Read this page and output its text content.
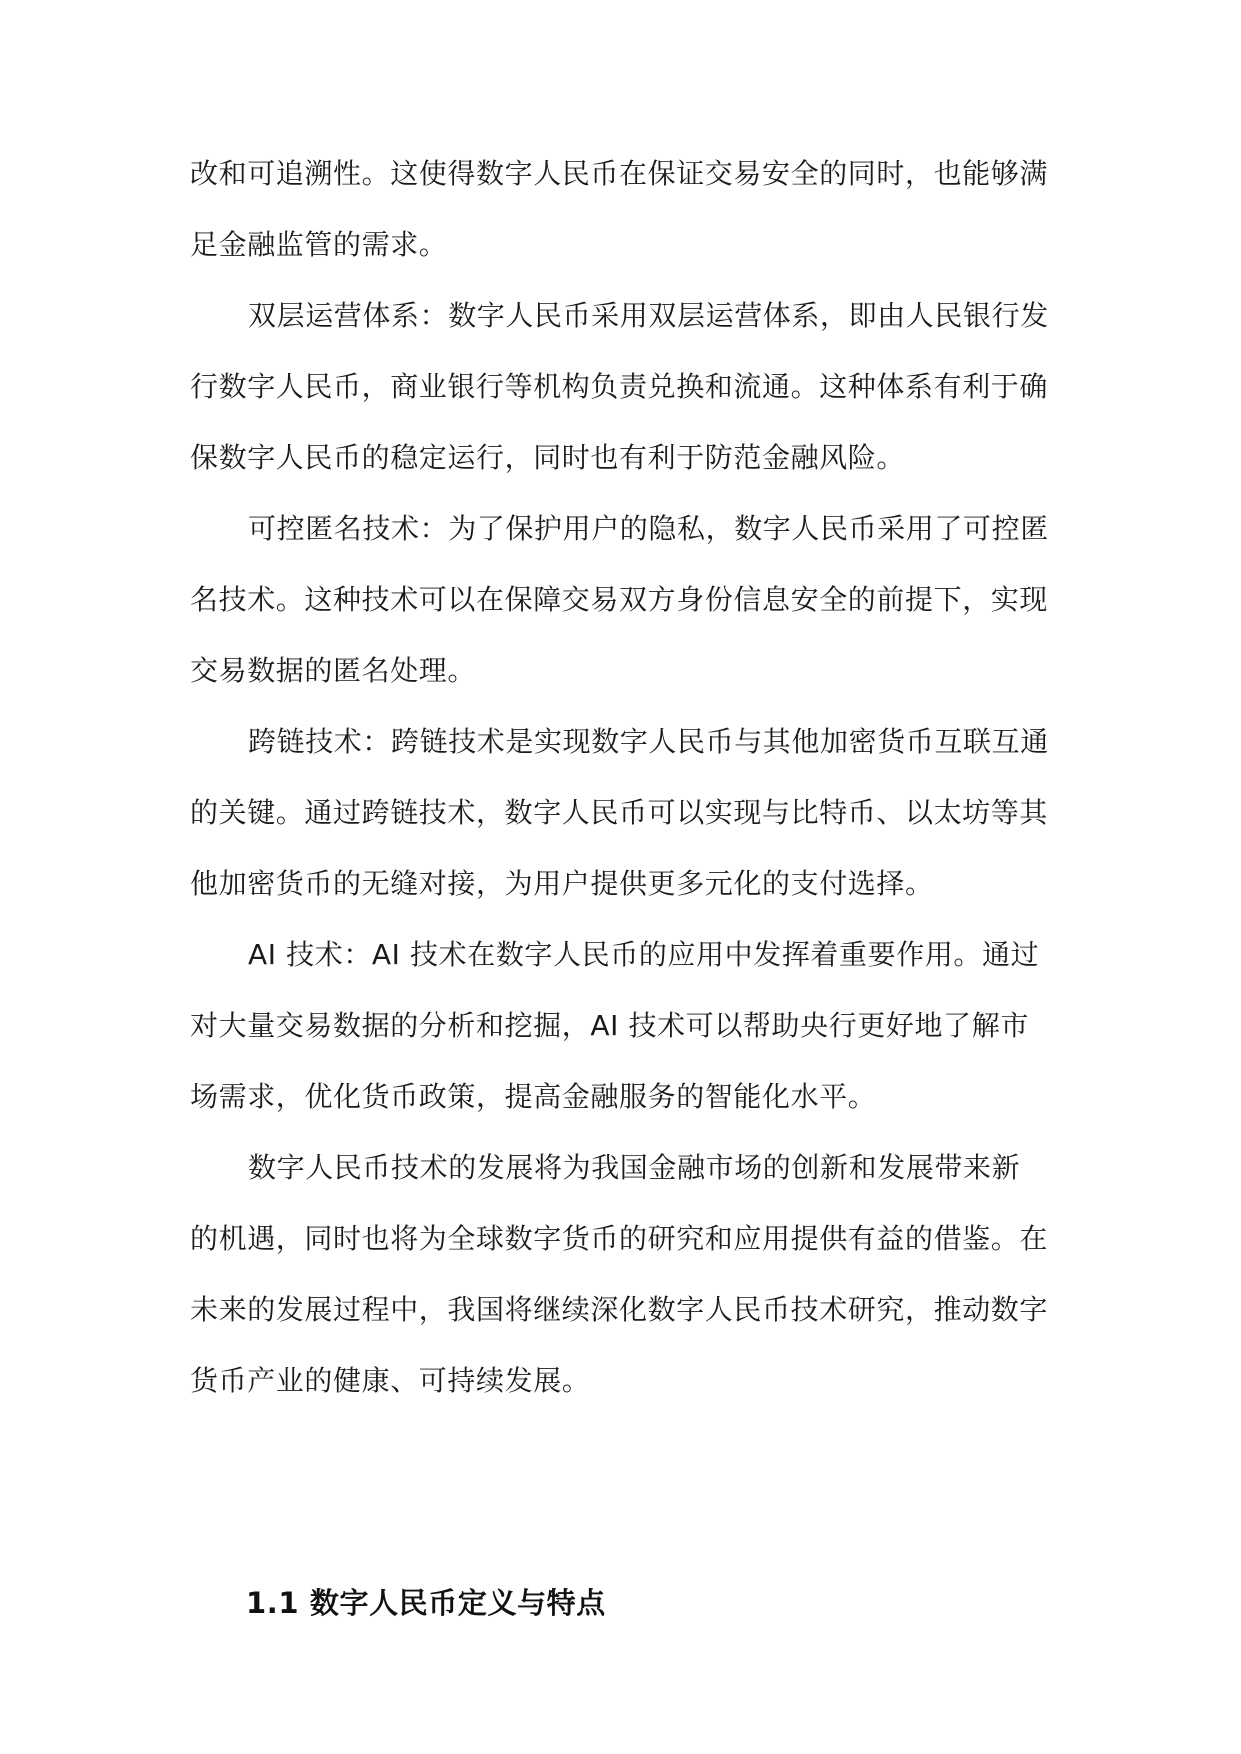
改和可追溯性。这使得数字人民币在保证交易安全的同时，也能够满
足金融监管的需求。
双层运营体系：数字人民币采用双层运营体系，即由人民银行发
行数字人民币，商业银行等机构负责兑换和流通。这种体系有利于确
保数字人民币的稳定运行，同时也有利于防范金融风险。
可控匿名技术：为了保护用户的隐私，数字人民币采用了可控匿
名技术。这种技术可以在保障交易双方身份信息安全的前提下，实现
交易数据的匿名处理。
跨链技术：跨链技术是实现数字人民币与其他加密货币互联互通
的关键。通过跨链技术，数字人民币可以实现与比特币、以太坊等其
他加密货币的无缝对接，为用户提供更多元化的支付选择。
AI 技术：AI 技术在数字人民币的应用中发挥着重要作用。通过
对大量交易数据的分析和挖掘，AI 技术可以帮助央行更好地了解市
场需求，优化货币政策，提高金融服务的智能化水平。
数字人民币技术的发展将为我国金融市场的创新和发展带来新
的机遇，同时也将为全球数字货币的研究和应用提供有益的借鉴。在
未来的发展过程中，我国将继续深化数字人民币技术研究，推动数字
货币产业的健康、可持续发展。
1.1 数字人民币定义与特点
